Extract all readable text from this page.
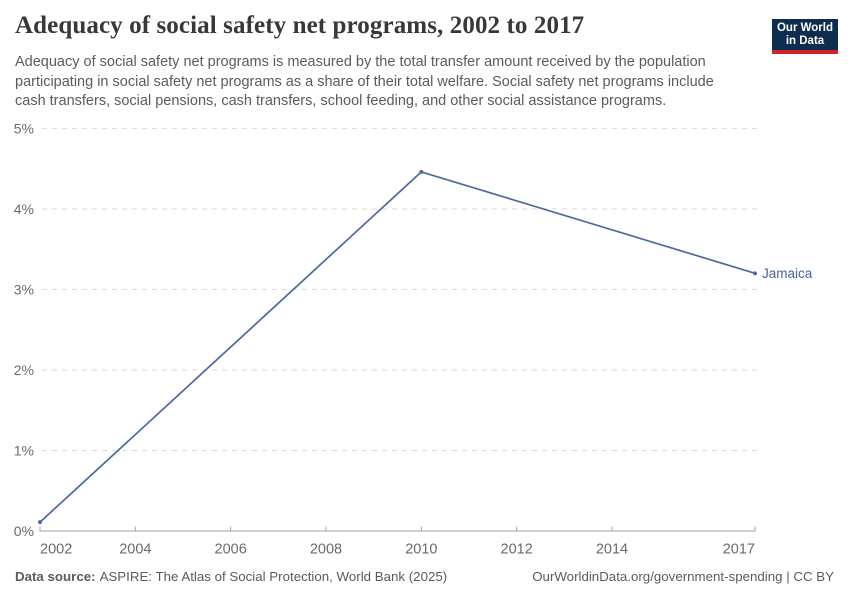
Adequacy of social safety net programs, 2002 to 2017

Adequacy of social safety net programs is measured by the total transfer amount received by the population participating in social safety net programs as a share of their total welfare. Social safety net programs include cash transfers, social pensions, cash transfers, school feeding, and other social assistance programs.

Our World
in Data
0%
1%
2%
3%
4%
5%
2002	2004	2006	2008	2010	2012	2014	2017
Jamaica
Data source: ASPIRE: The Atlas of Social Protection, World Bank (2025)	OurWorldinData.org/government-spending | CC BY
